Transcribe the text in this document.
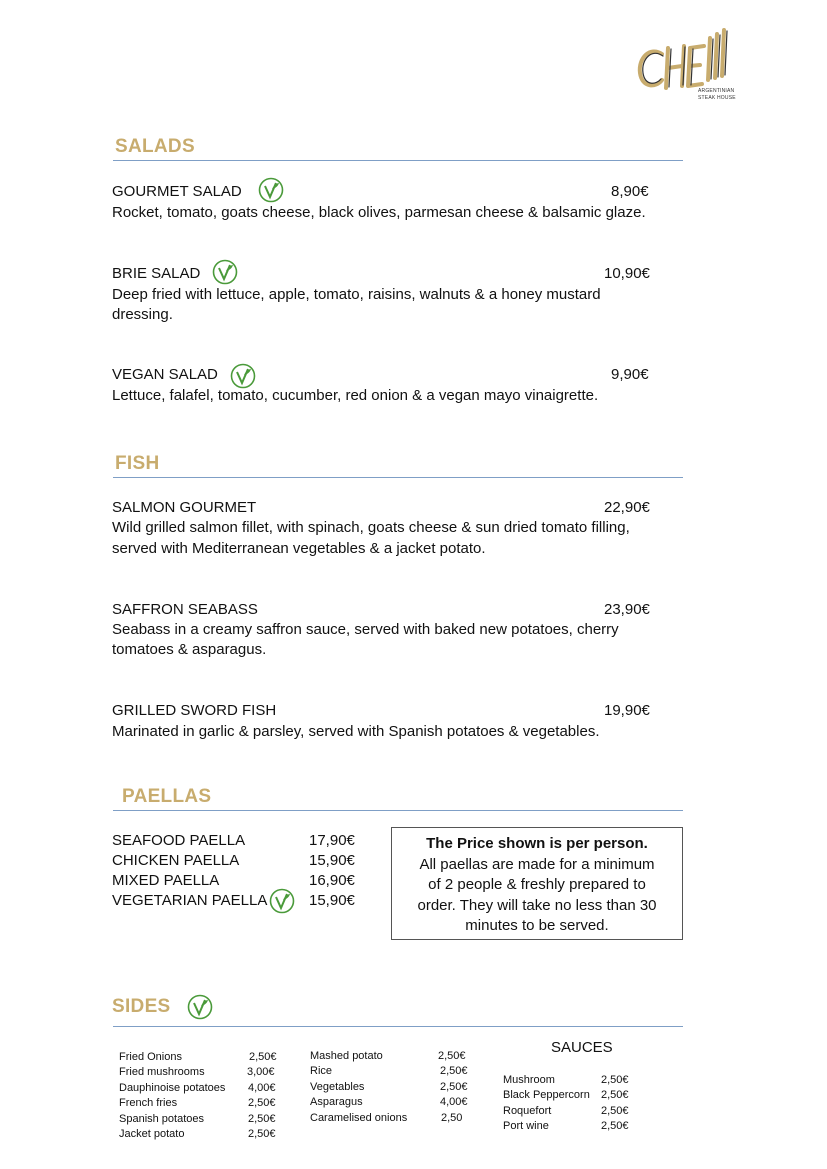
ARGENTINIAN
STEAK HOUSE
SALADS
GOURMET SALAD	8,90€
Rocket, tomato, goats cheese, black olives, parmesan cheese & balsamic glaze.
BRIE SALAD	10,90€
Deep fried with lettuce, apple, tomato, raisins, walnuts & a honey mustard
dressing.
VEGAN SALAD	9,90€
Lettuce, falafel, tomato, cucumber, red onion & a vegan mayo vinaigrette.
FISH
SALMON GOURMET	22,90€
Wild grilled salmon fillet, with spinach, goats cheese & sun dried tomato filling,
served with Mediterranean vegetables & a jacket potato.
SAFFRON SEABASS	23,90€
Seabass in a creamy saffron sauce, served with baked new potatoes, cherry
tomatoes & asparagus.
GRILLED SWORD FISH	19,90€
Marinated in garlic & parsley, served with Spanish potatoes & vegetables.
PAELLAS
SEAFOOD PAELLA	17,90€
CHICKEN PAELLA	15,90€
MIXED PAELLA	16,90€
VEGETARIAN PAELLA	15,90€
The Price shown is per person.
All paellas are made for a minimum
of 2 people & freshly prepared to
order. They will take no less than 30
minutes to be served.
SIDES
Fried Onions	2,50€
Fried mushrooms	3,00€
Dauphinoise potatoes 4,00€
French fries	2,50€
Spanish potatoes	2,50€
Jacket potato	2,50€
Mashed potato	2,50€
Rice	2,50€
Vegetables	2,50€
Asparagus	4,00€
Caramelised onions	2,50
SAUCES
Mushroom	2,50€
Black Peppercorn 2,50€
Roquefort	2,50€
Port wine	2,50€
